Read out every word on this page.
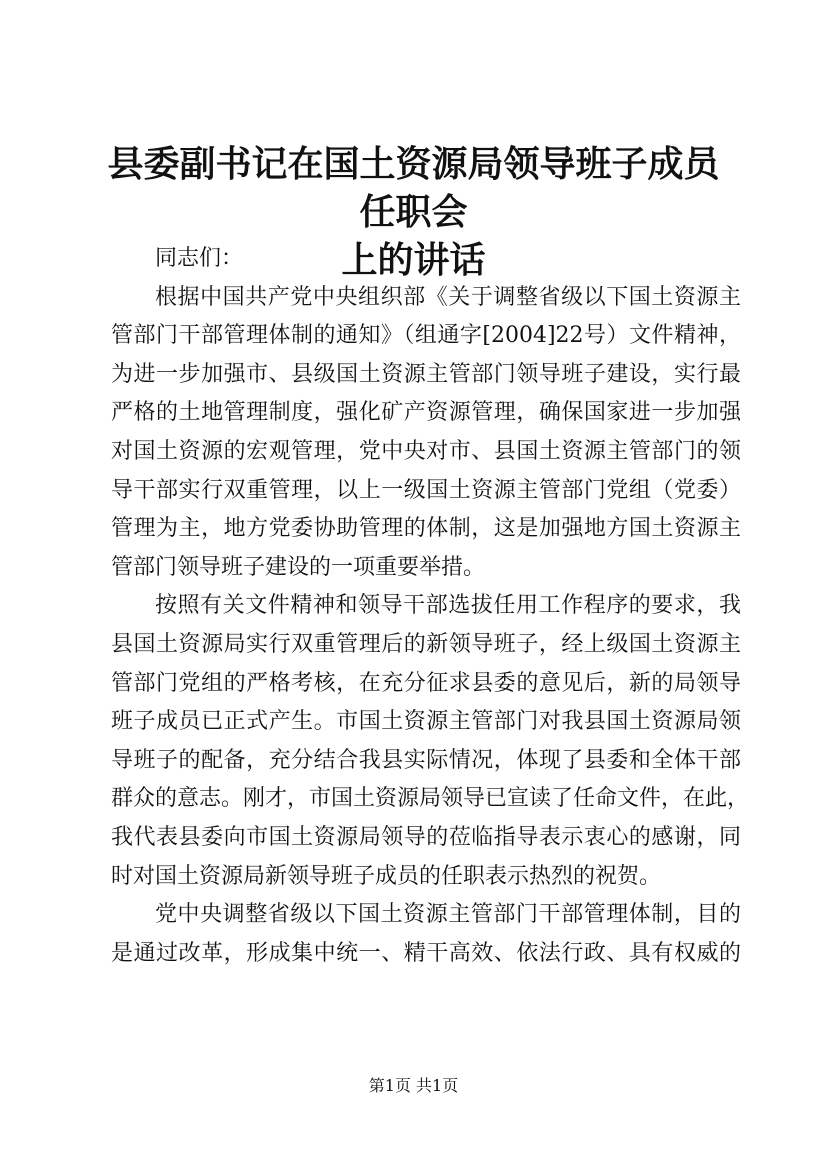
县委副书记在国土资源局领导班子成员任职会
上的讲话
同志们：
根据中国共产党中央组织部《关于调整省级以下国土资源主
管部门干部管理体制的通知》（组通字[2004]22号）文件精神，
为进一步加强市、县级国土资源主管部门领导班子建设，实行最
严格的土地管理制度，强化矿产资源管理，确保国家进一步加强
对国土资源的宏观管理，党中央对市、县国土资源主管部门的领
导干部实行双重管理，以上一级国土资源主管部门党组（党委）
管理为主，地方党委协助管理的体制，这是加强地方国土资源主
管部门领导班子建设的一项重要举措。
按照有关文件精神和领导干部选拔任用工作程序的要求，我
县国土资源局实行双重管理后的新领导班子，经上级国土资源主
管部门党组的严格考核，在充分征求县委的意见后，新的局领导
班子成员已正式产生。市国土资源主管部门对我县国土资源局领
导班子的配备，充分结合我县实际情况，体现了县委和全体干部
群众的意志。刚才，市国土资源局领导已宣读了任命文件，在此，
我代表县委向市国土资源局领导的莅临指导表示衷心的感谢，同
时对国土资源局新领导班子成员的任职表示热烈的祝贺。
党中央调整省级以下国土资源主管部门干部管理体制，目的
是通过改革，形成集中统一、精干高效、依法行政、具有权威的
第1页 共1页
